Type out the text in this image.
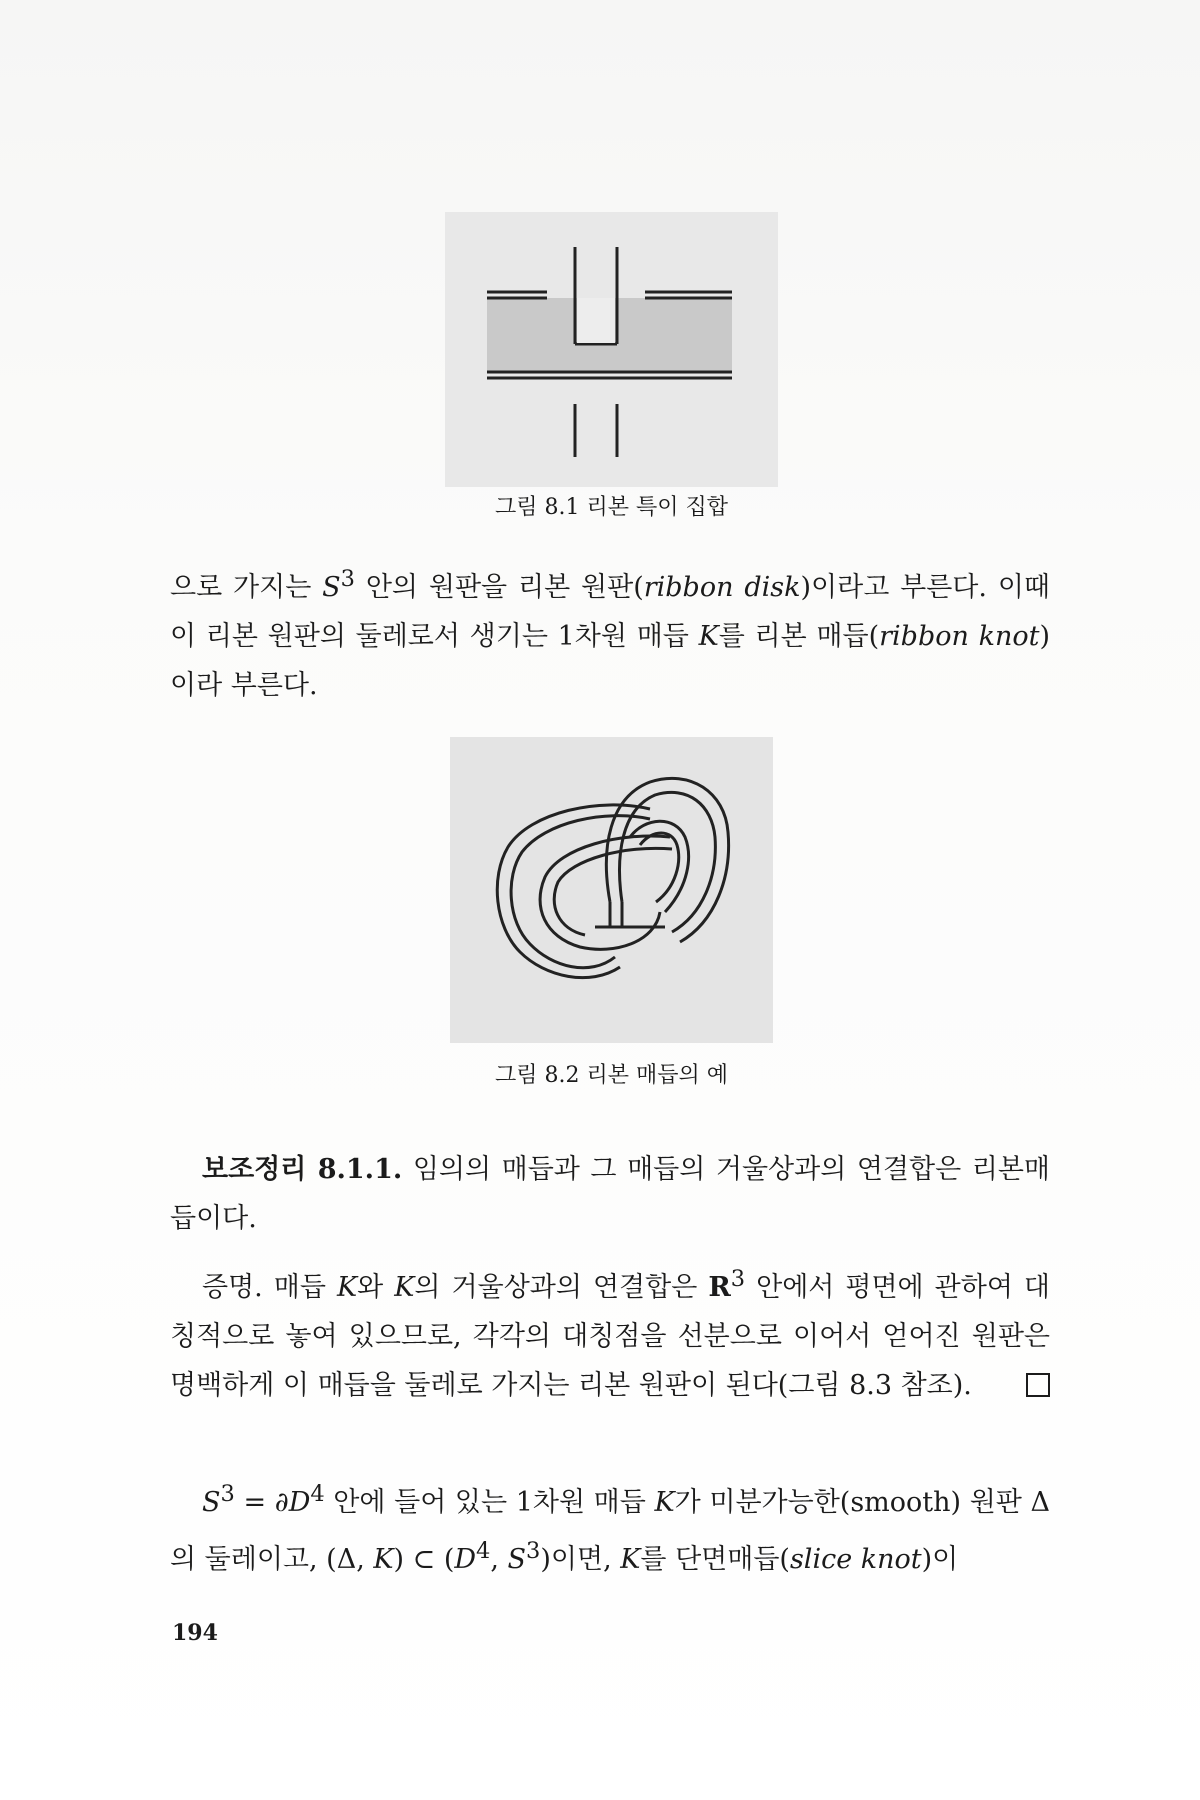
그림 8.1 리본 특이 집합
으로 가지는 $S^3$ 안의 원판을 리본 원판(ribbon disk)이라고 부른다. 이때 이 리본 원판의 둘레로서 생기는 1차원 매듭 K를 리본 매듭(ribbon knot)이라 부른다.
그림 8.2 리본 매듭의 예
보조정리 8.1.1. 임의의 매듭과 그 매듭의 거울상과의 연결합은 리본매듭이다.
증명. 매듭 K와 K의 거울상과의 연결합은 $R^3$ 안에서 평면에 관하여 대칭적으로 놓여 있으므로, 각각의 대칭점을 선분으로 이어서 얻어진 원판은 명백하게 이 매듭을 둘레로 가지는 리본 원판이 된다(그림 8.3 참조).
$S^3 = \partial D^4$ 안에 들어 있는 1차원 매듭 K가 미분가능한(smooth) 원판 Δ의 둘레이고, (Δ, K) ⊂ ($D^4$, $S^3$)이면, K를 단면매듭(slice knot)이
194
